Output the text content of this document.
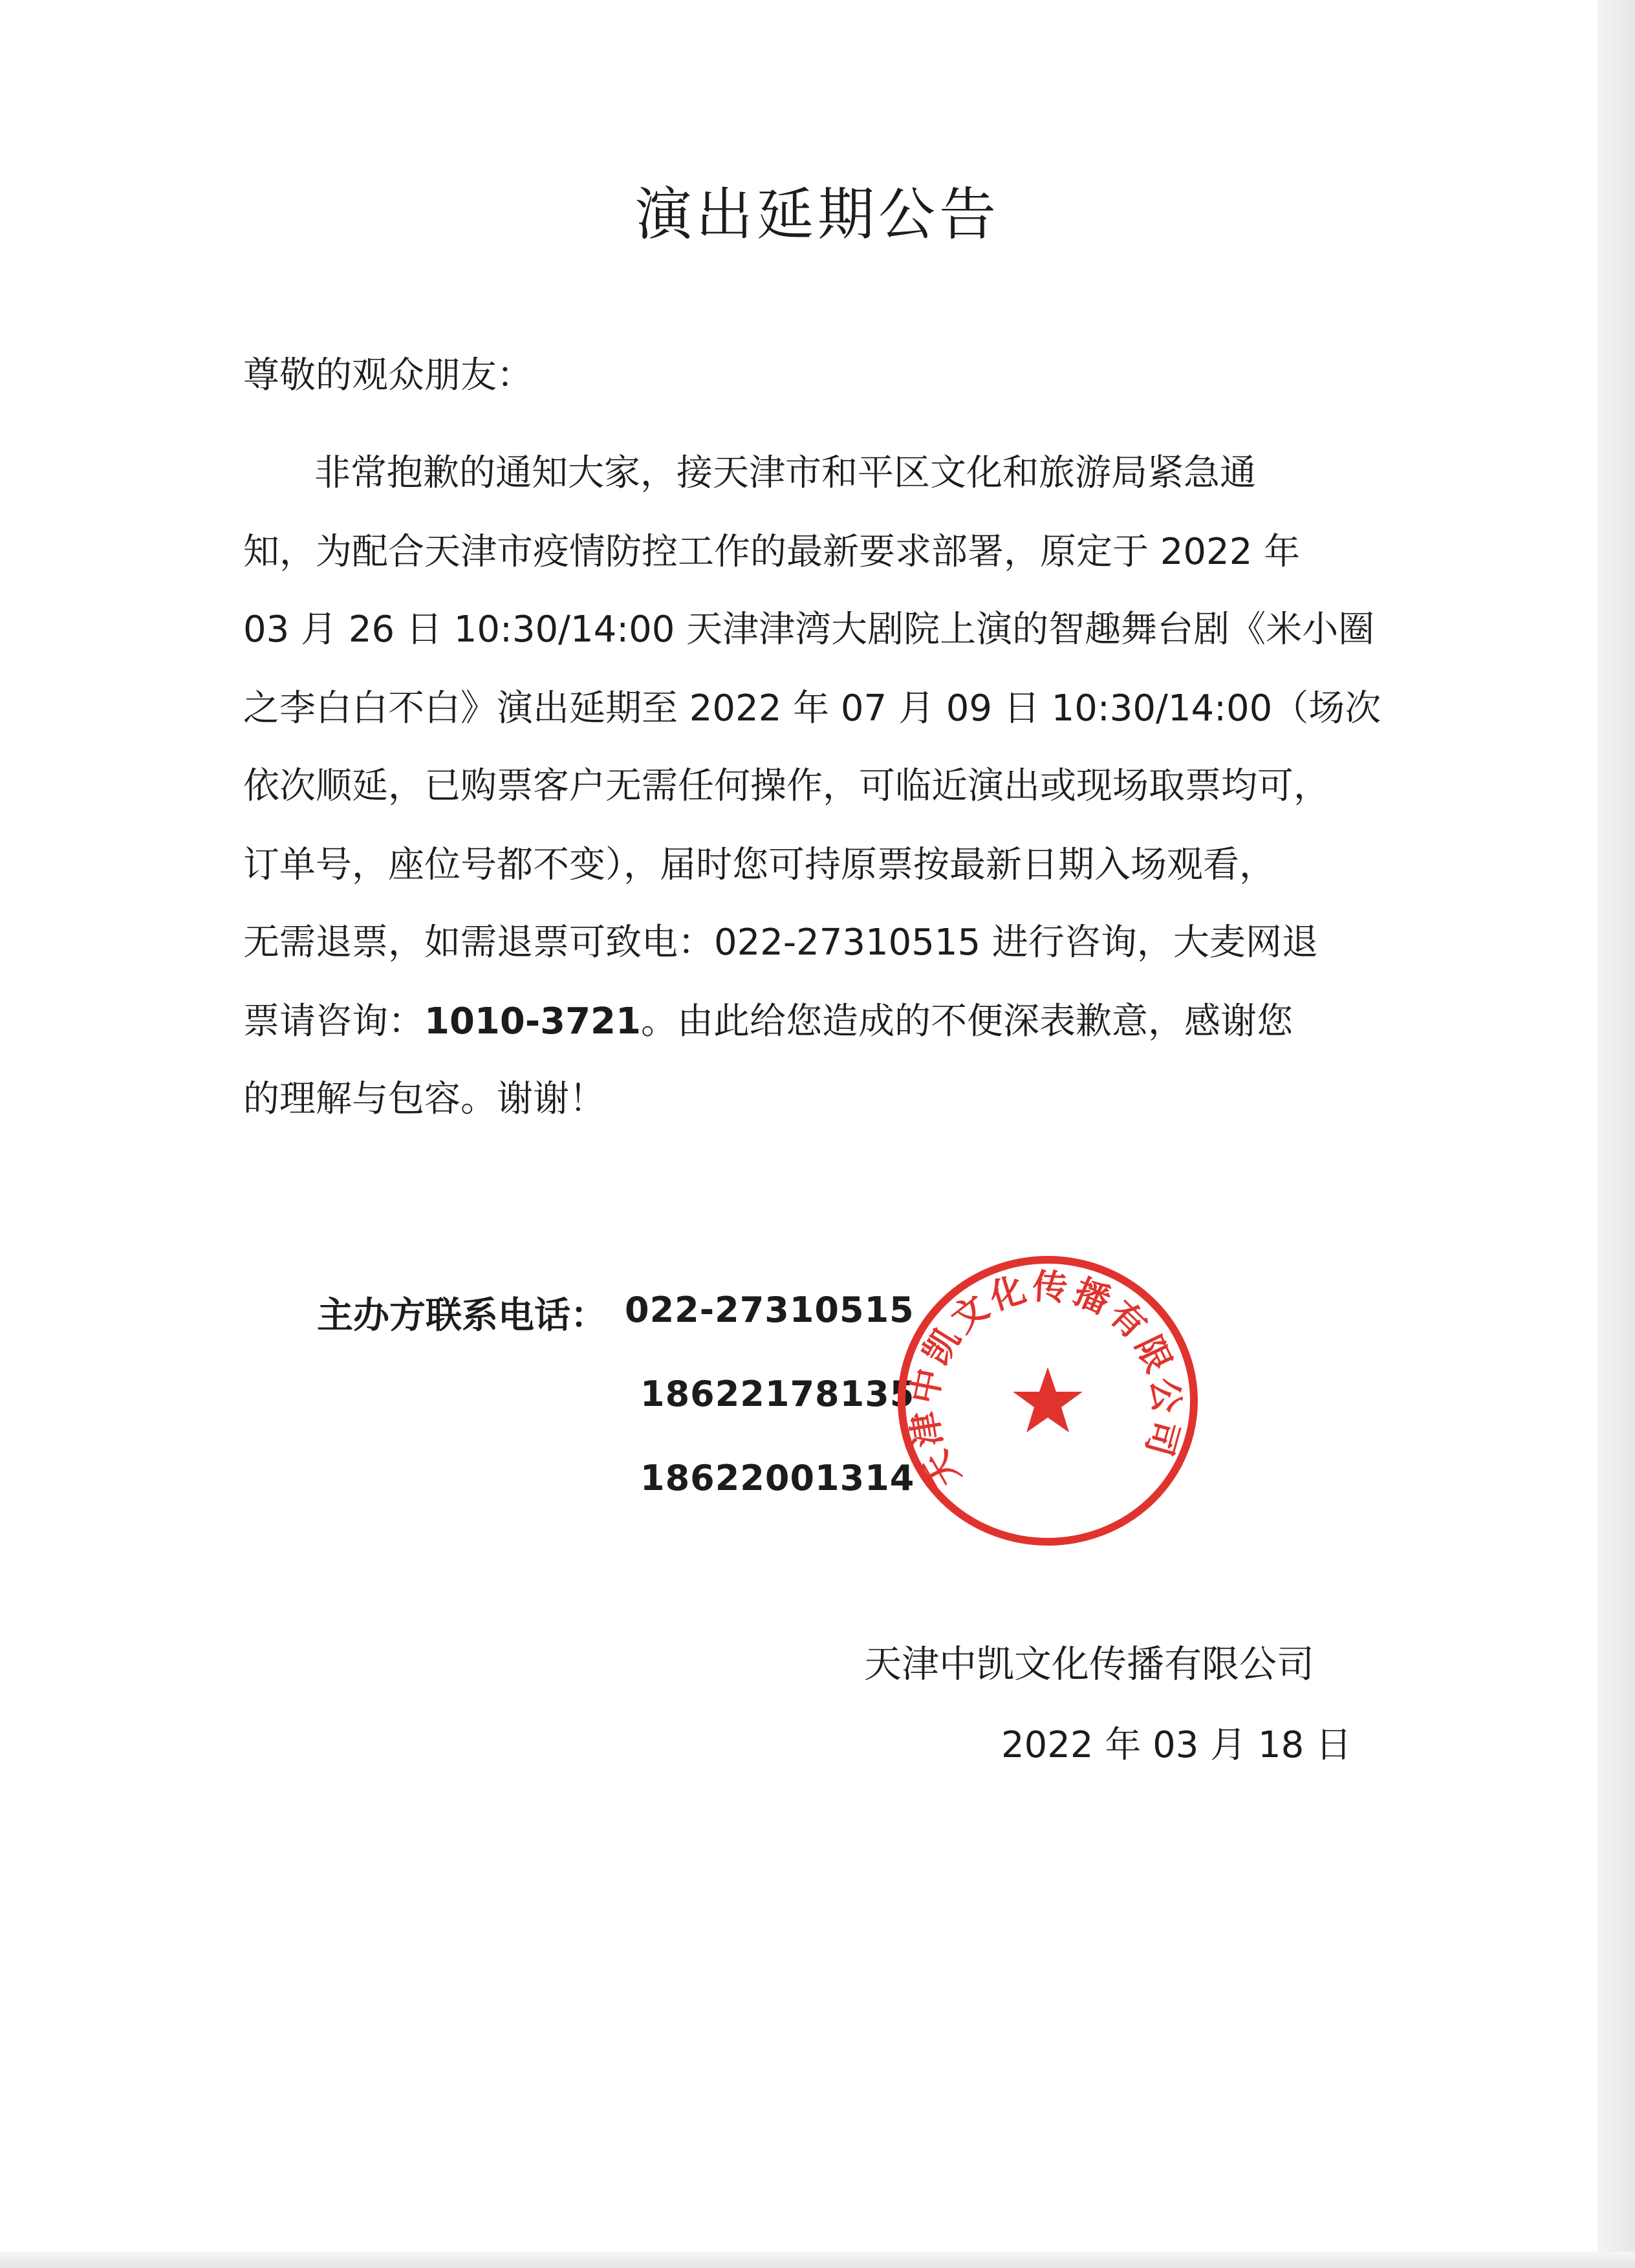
演出延期公告

尊敬的观众朋友：

非常抱歉的通知大家，接天津市和平区文化和旅游局紧急通

知，为配合天津市疫情防控工作的最新要求部署，原定于 2022 年

03 月 26 日 10:30/14:00 天津津湾大剧院上演的智趣舞台剧《米小圈

之李白白不白》演出延期至 2022 年 07 月 09 日 10:30/14:00（场次

依次顺延，已购票客户无需任何操作，可临近演出或现场取票均可，

订单号，座位号都不变），届时您可持原票按最新日期入场观看，

无需退票，如需退票可致电：022-27310515 进行咨询，大麦网退

票请咨询：1010-3721。由此给您造成的不便深表歉意，感谢您

的理解与包容。谢谢！

主办方联系电话： 022-27310515
18622178135
18622001314
天津中凯文化传播有限公司
天津中凯文化传播有限公司
2022 年 03 月 18 日
